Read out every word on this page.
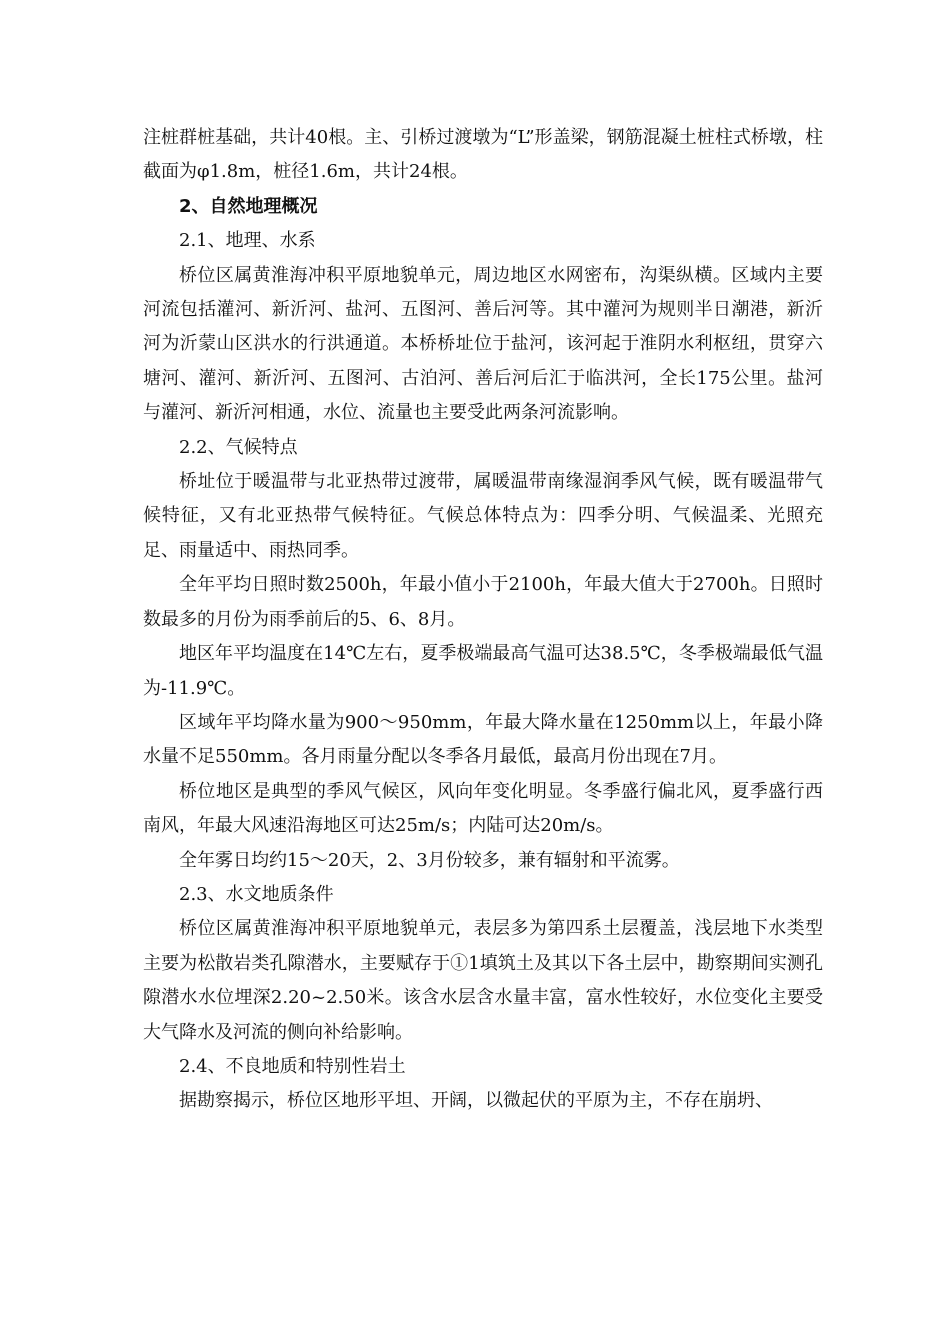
注桩群桩基础，共计40根。主、引桥过渡墩为“L”形盖梁，钢筋混凝土桩柱式桥墩，柱截面为φ1.8m，桩径1.6m，共计24根。

2、自然地理概况

2.1、地理、水系

桥位区属黄淮海冲积平原地貌单元，周边地区水网密布，沟渠纵横。区域内主要河流包括灌河、新沂河、盐河、五图河、善后河等。其中灌河为规则半日潮港，新沂河为沂蒙山区洪水的行洪通道。本桥桥址位于盐河，该河起于淮阴水利枢纽，贯穿六塘河、灌河、新沂河、五图河、古泊河、善后河后汇于临洪河，全长175公里。盐河与灌河、新沂河相通，水位、流量也主要受此两条河流影响。

2.2、气候特点

桥址位于暖温带与北亚热带过渡带，属暖温带南缘湿润季风气候，既有暖温带气候特征，又有北亚热带气候特征。气候总体特点为：四季分明、气候温柔、光照充足、雨量适中、雨热同季。

全年平均日照时数2500h，年最小值小于2100h，年最大值大于2700h。日照时数最多的月份为雨季前后的5、6、8月。

地区年平均温度在14℃左右，夏季极端最高气温可达38.5℃，冬季极端最低气温为-11.9℃。

区域年平均降水量为900～950mm，年最大降水量在1250mm以上，年最小降水量不足550mm。各月雨量分配以冬季各月最低，最高月份出现在7月。

桥位地区是典型的季风气候区，风向年变化明显。冬季盛行偏北风，夏季盛行西南风，年最大风速沿海地区可达25m/s；内陆可达20m/s。

全年雾日均约15～20天，2、3月份较多，兼有辐射和平流雾。

2.3、水文地质条件

桥位区属黄淮海冲积平原地貌单元，表层多为第四系土层覆盖，浅层地下水类型主要为松散岩类孔隙潜水，主要赋存于①1填筑土及其以下各土层中，勘察期间实测孔隙潜水水位埋深2.20~2.50米。该含水层含水量丰富，富水性较好，水位变化主要受大气降水及河流的侧向补给影响。

2.4、不良地质和特别性岩土

据勘察揭示，桥位区地形平坦、开阔，以微起伏的平原为主，不存在崩坍、
